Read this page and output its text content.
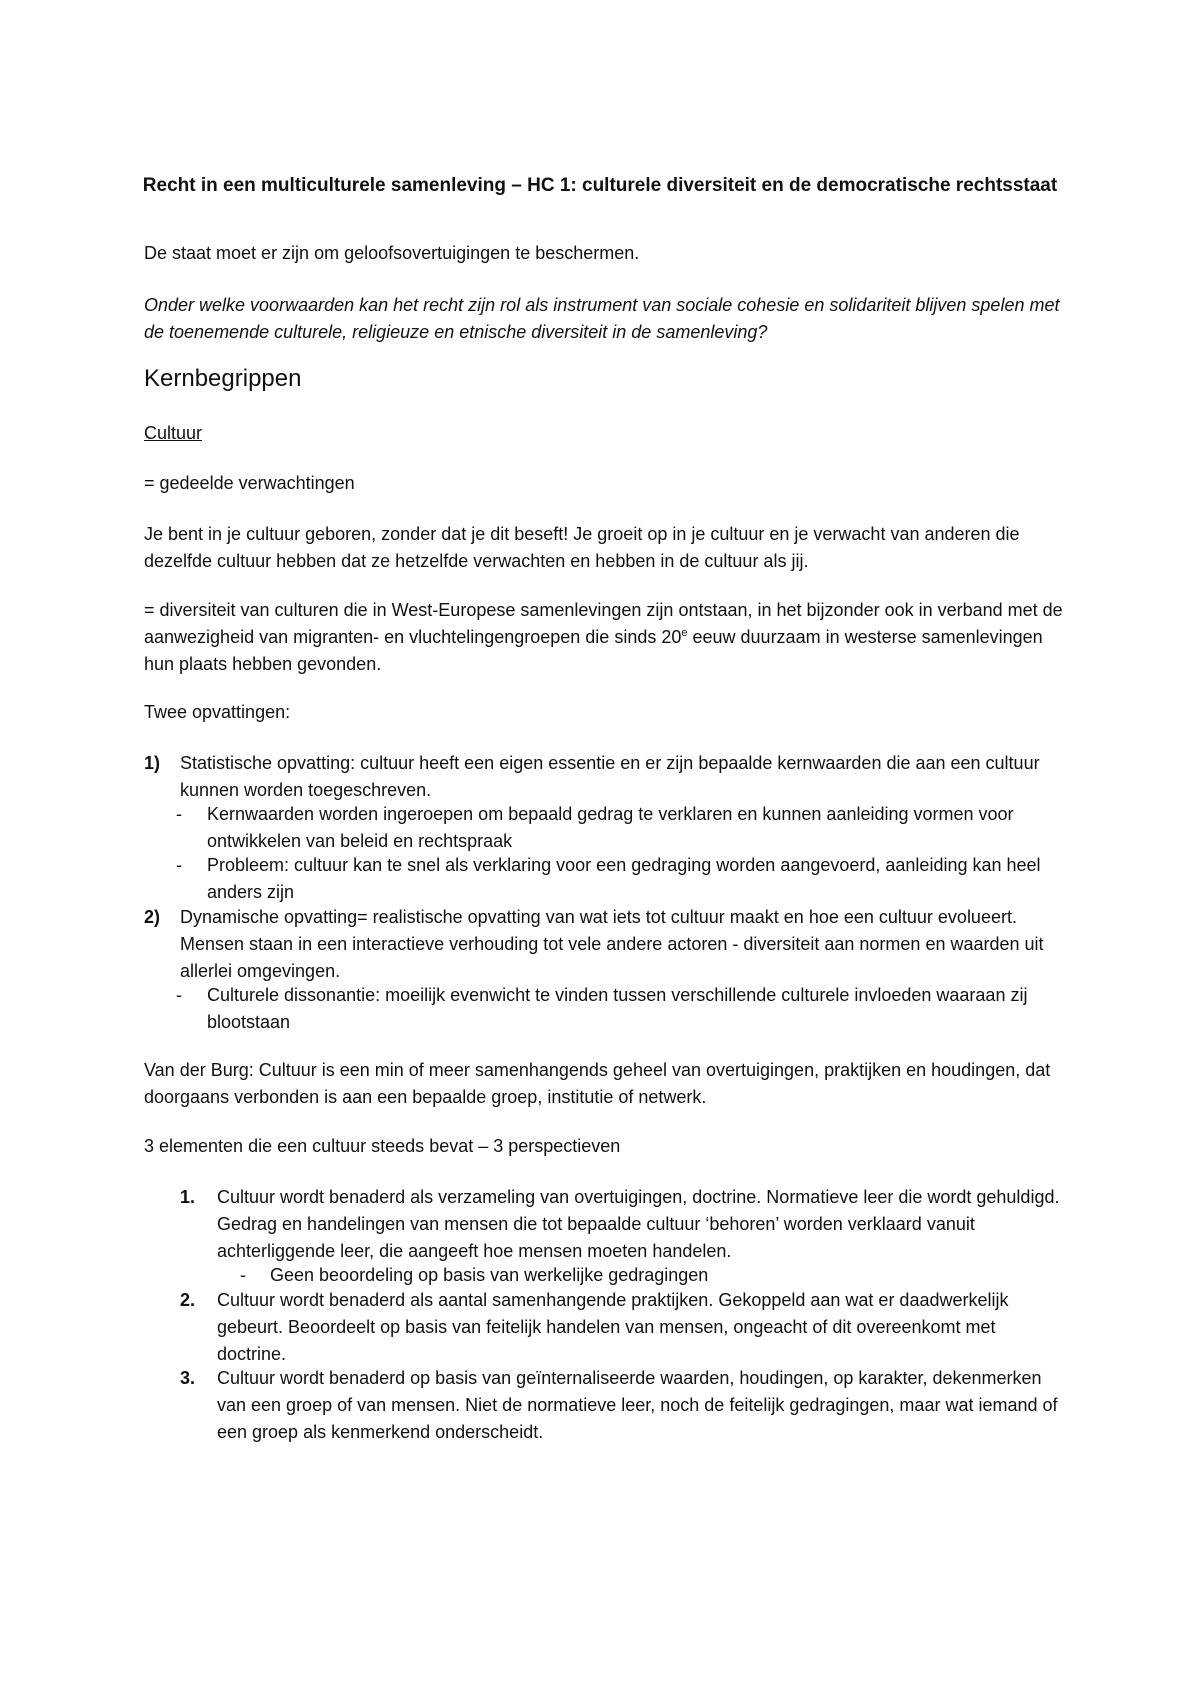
Recht in een multiculturele samenleving – HC 1: culturele diversiteit en de democratische rechtsstaat

De staat moet er zijn om geloofsovertuigingen te beschermen.

Onder welke voorwaarden kan het recht zijn rol als instrument van sociale cohesie en solidariteit blijven spelen met de toenemende culturele, religieuze en etnische diversiteit in de samenleving?

Kernbegrippen

Cultuur

= gedeelde verwachtingen

Je bent in je cultuur geboren, zonder dat je dit beseft! Je groeit op in je cultuur en je verwacht van anderen die dezelfde cultuur hebben dat ze hetzelfde verwachten en hebben in de cultuur als jij.

= diversiteit van culturen die in West-Europese samenlevingen zijn ontstaan, in het bijzonder ook in verband met de aanwezigheid van migranten- en vluchtelingengroepen die sinds 20e eeuw duurzaam in westerse samenlevingen hun plaats hebben gevonden.

Twee opvattingen:

1) Statistische opvatting: cultuur heeft een eigen essentie en er zijn bepaalde kernwaarden die aan een cultuur kunnen worden toegeschreven.

- Kernwaarden worden ingeroepen om bepaald gedrag te verklaren en kunnen aanleiding vormen voor ontwikkelen van beleid en rechtspraak

- Probleem: cultuur kan te snel als verklaring voor een gedraging worden aangevoerd, aanleiding kan heel anders zijn

2) Dynamische opvatting= realistische opvatting van wat iets tot cultuur maakt en hoe een cultuur evolueert. Mensen staan in een interactieve verhouding tot vele andere actoren - diversiteit aan normen en waarden uit allerlei omgevingen.

- Culturele dissonantie: moeilijk evenwicht te vinden tussen verschillende culturele invloeden waaraan zij blootstaan

Van der Burg: Cultuur is een min of meer samenhangends geheel van overtuigingen, praktijken en houdingen, dat doorgaans verbonden is aan een bepaalde groep, institutie of netwerk.

3 elementen die een cultuur steeds bevat – 3 perspectieven

1. Cultuur wordt benaderd als verzameling van overtuigingen, doctrine. Normatieve leer die wordt gehuldigd. Gedrag en handelingen van mensen die tot bepaalde cultuur ‘behoren’ worden verklaard vanuit achterliggende leer, die aangeeft hoe mensen moeten handelen.

- Geen beoordeling op basis van werkelijke gedragingen

2. Cultuur wordt benaderd als aantal samenhangende praktijken. Gekoppeld aan wat er daadwerkelijk gebeurt. Beoordeelt op basis van feitelijk handelen van mensen, ongeacht of dit overeenkomt met doctrine.

3. Cultuur wordt benaderd op basis van geïnternaliseerde waarden, houdingen, op karakter, dekenmerken van een groep of van mensen. Niet de normatieve leer, noch de feitelijk gedragingen, maar wat iemand of een groep als kenmerkend onderscheidt.
